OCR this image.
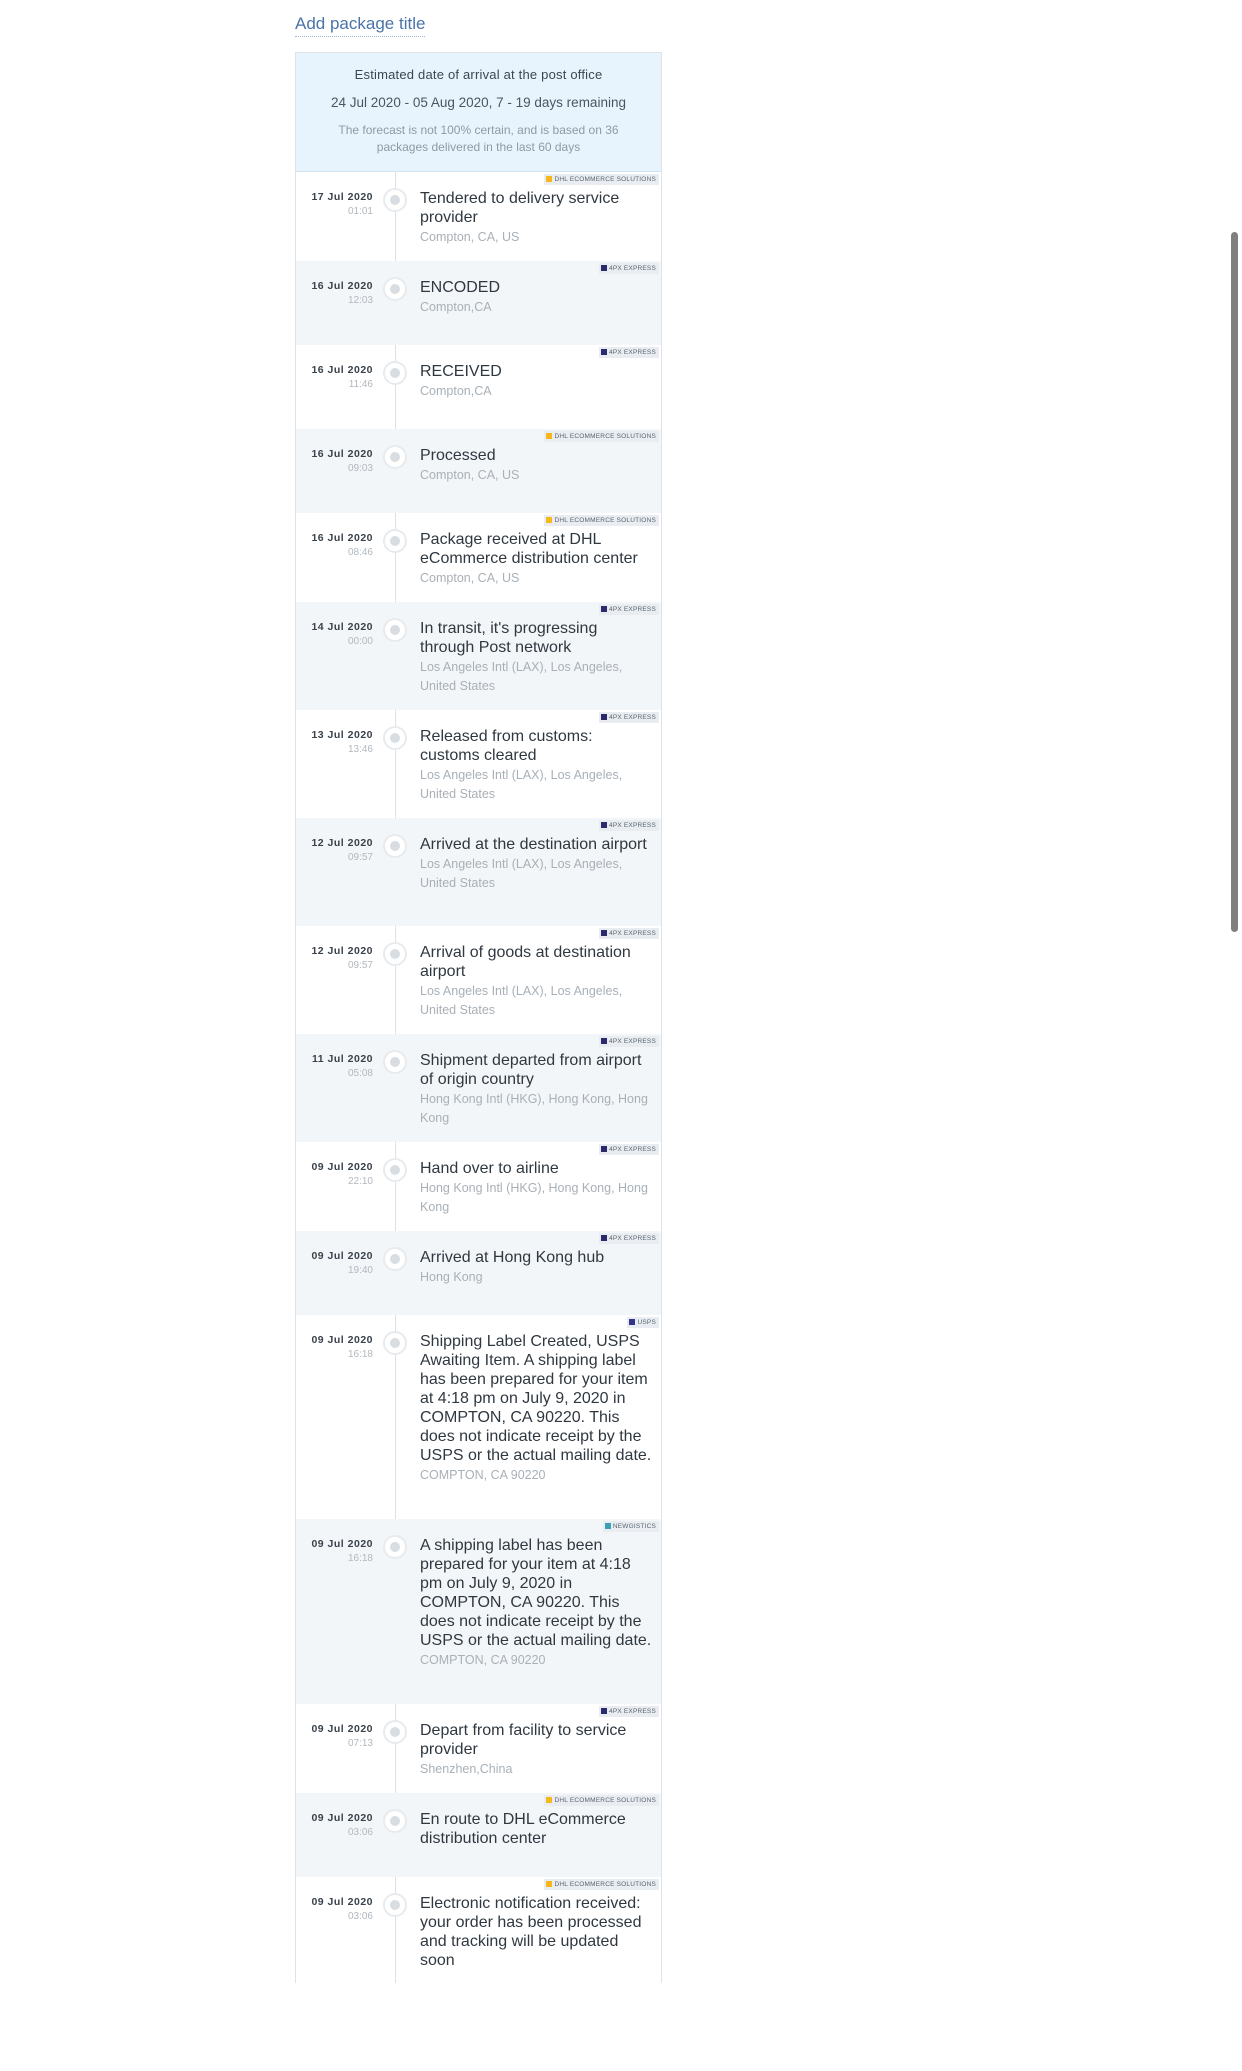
Add package title
Estimated date of arrival at the post office
24 Jul 2020 - 05 Aug 2020, 7 - 19 days remaining
The forecast is not 100% certain, and is based on 36 packages delivered in the last 60 days
DHL ECOMMERCE SOLUTIONS
17 Jul 2020
01:01
Tendered to delivery service provider
Compton, CA, US
4PX EXPRESS
16 Jul 2020
12:03
ENCODED
Compton,CA
4PX EXPRESS
16 Jul 2020
11:46
RECEIVED
Compton,CA
DHL ECOMMERCE SOLUTIONS
16 Jul 2020
09:03
Processed
Compton, CA, US
DHL ECOMMERCE SOLUTIONS
16 Jul 2020
08:46
Package received at DHL eCommerce distribution center
Compton, CA, US
4PX EXPRESS
14 Jul 2020
00:00
In transit, it's progressing through Post network
Los Angeles Intl (LAX), Los Angeles, United States
4PX EXPRESS
13 Jul 2020
13:46
Released from customs: customs cleared
Los Angeles Intl (LAX), Los Angeles, United States
4PX EXPRESS
12 Jul 2020
09:57
Arrived at the destination airport
Los Angeles Intl (LAX), Los Angeles, United States
4PX EXPRESS
12 Jul 2020
09:57
Arrival of goods at destination airport
Los Angeles Intl (LAX), Los Angeles, United States
4PX EXPRESS
11 Jul 2020
05:08
Shipment departed from airport of origin country
Hong Kong Intl (HKG), Hong Kong, Hong Kong
4PX EXPRESS
09 Jul 2020
22:10
Hand over to airline
Hong Kong Intl (HKG), Hong Kong, Hong Kong
4PX EXPRESS
09 Jul 2020
19:40
Arrived at Hong Kong hub
Hong Kong
USPS
09 Jul 2020
16:18
Shipping Label Created, USPS Awaiting Item. A shipping label has been prepared for your item at 4:18 pm on July 9, 2020 in COMPTON, CA 90220. This does not indicate receipt by the USPS or the actual mailing date.
COMPTON, CA 90220
NEWGISTICS
09 Jul 2020
16:18
A shipping label has been prepared for your item at 4:18 pm on July 9, 2020 in COMPTON, CA 90220. This does not indicate receipt by the USPS or the actual mailing date.
COMPTON, CA 90220
4PX EXPRESS
09 Jul 2020
07:13
Depart from facility to service provider
Shenzhen,China
DHL ECOMMERCE SOLUTIONS
09 Jul 2020
03:06
En route to DHL eCommerce distribution center
DHL ECOMMERCE SOLUTIONS
09 Jul 2020
03:06
Electronic notification received: your order has been processed and tracking will be updated soon
